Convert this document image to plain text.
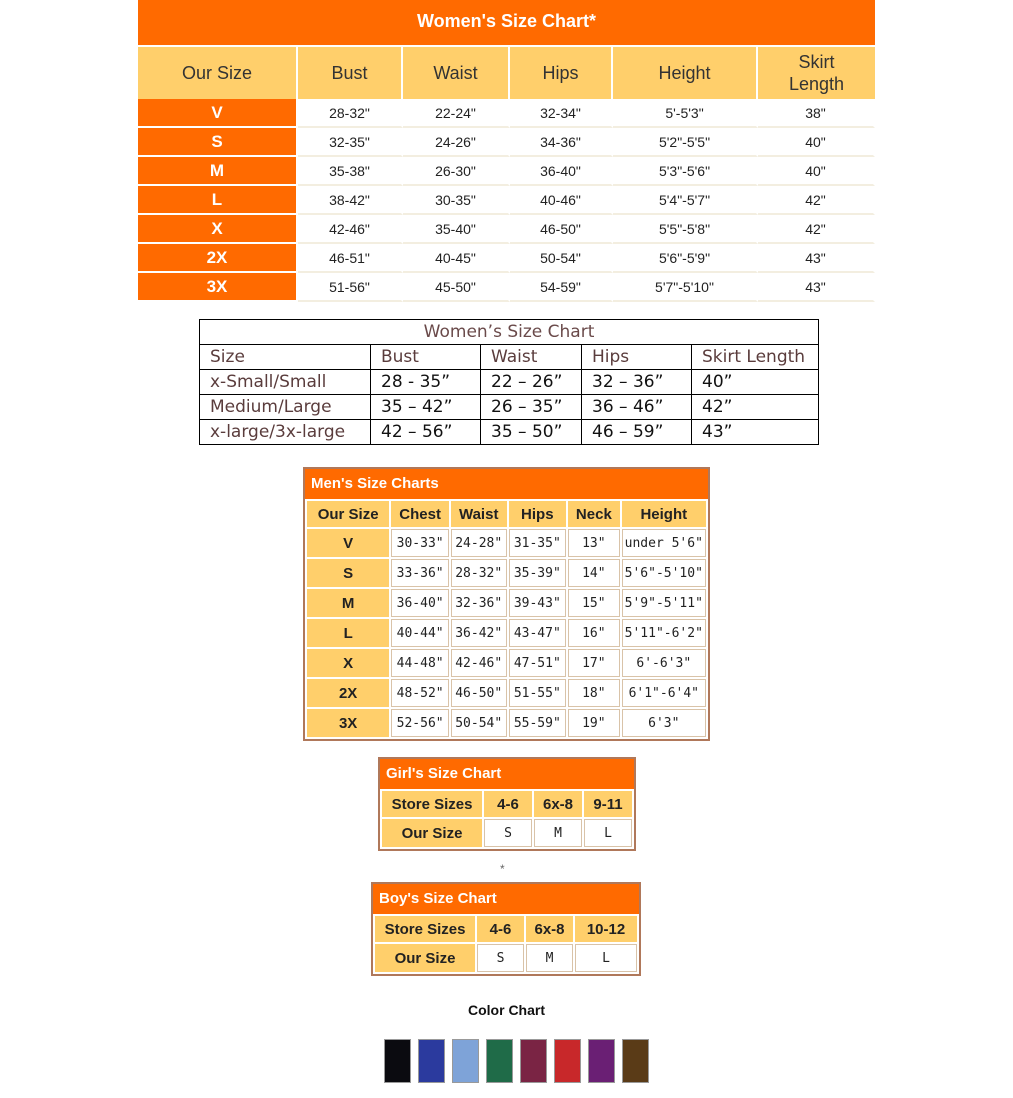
Women's Size Chart*
Our Size	Bust	Waist	Hips	Height	Skirt Length
V	28-32"	22-24"	32-34"	5'-5'3"	38"
S	32-35"	24-26"	34-36"	5'2"-5'5"	40"
M	35-38"	26-30"	36-40"	5'3"-5'6"	40"
L	38-42"	30-35"	40-46"	5'4"-5'7"	42"
X	42-46"	35-40"	46-50"	5'5"-5'8"	42"
2X	46-51"	40-45"	50-54"	5'6"-5'9"	43"
3X	51-56"	45-50"	54-59"	5'7"-5'10"	43"
Women’s Size Chart				
Size	Bust	Waist	Hips	Skirt Length
x-Small/Small	28 - 35”	22 – 26”	32 – 36”	40”
Medium/Large	35 – 42”	26 – 35”	36 – 46”	42”
x-large/3x-large	42 – 56”	35 – 50”	46 – 59”	43”
Men's Size Charts
Our Size	Chest	Waist	Hips	Neck	Height
V	30-33"	24-28"	31-35"	13"	under 5'6"
S	33-36"	28-32"	35-39"	14"	5'6"-5'10"
M	36-40"	32-36"	39-43"	15"	5'9"-5'11"
L	40-44"	36-42"	43-47"	16"	5'11"-6'2"
X	44-48"	42-46"	47-51"	17"	6'-6'3"
2X	48-52"	46-50"	51-55"	18"	6'1"-6'4"
3X	52-56"	50-54"	55-59"	19"	6'3"
Girl's Size Chart
Store Sizes	4-6	6x-8	9-11
Our Size	S	M	L
*
Boy's Size Chart
Store Sizes	4-6	6x-8	10-12
Our Size	S	M	L
Color Chart
